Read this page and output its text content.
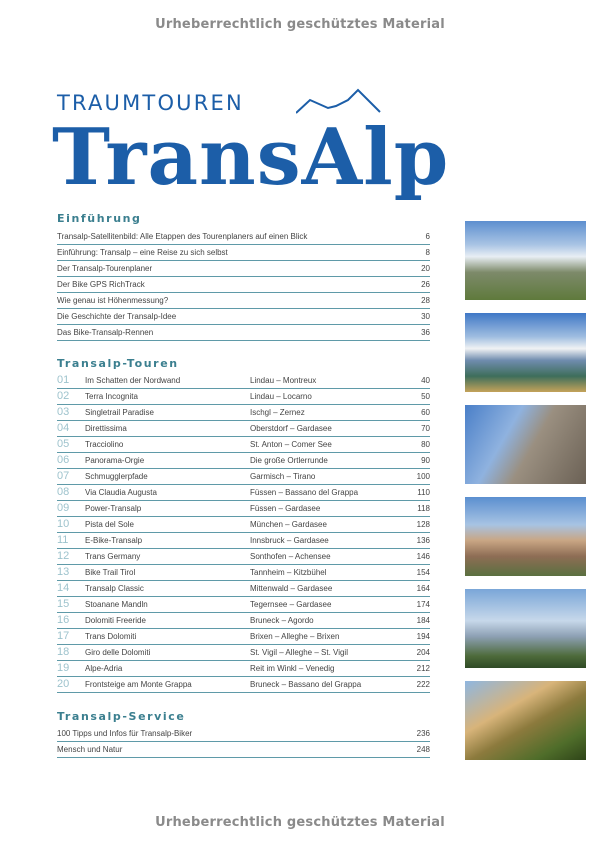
Urheberrechtlich geschütztes Material
TRAUMTOUREN
TransAlp
Einführung
Transalp-Satellitenbild: Alle Etappen des Tourenplaners auf einen Blick	6
Einführung: Transalp – eine Reise zu sich selbst	8
Der Transalp-Tourenplaner	20
Der Bike GPS RichTrack	26
Wie genau ist Höhenmessung?	28
Die Geschichte der Transalp-Idee	30
Das Bike-Transalp-Rennen	36
Transalp-Touren
01 Im Schatten der Nordwand	Lindau – Montreux	40
02 Terra Incognita	Lindau – Locarno	50
03 Singletrail Paradise	Ischgl – Zernez	60
04 Direttissima	Oberstdorf – Gardasee	70
05 Tracciolino	St. Anton – Comer See	80
06 Panorama-Orgie	Die große Ortlerrunde	90
07 Schmugglerpfade	Garmisch – Tirano	100
08 Via Claudia Augusta	Füssen – Bassano del Grappa	110
09 Power-Transalp	Füssen – Gardasee	118
10 Pista del Sole	München – Gardasee	128
11 E-Bike-Transalp	Innsbruck – Gardasee	136
12 Trans Germany	Sonthofen – Achensee	146
13 Bike Trail Tirol	Tannheim – Kitzbühel	154
14 Transalp Classic	Mittenwald – Gardasee	164
15 Stoanane Mandln	Tegernsee – Gardasee	174
16 Dolomiti Freeride	Bruneck – Agordo	184
17 Trans Dolomiti	Brixen – Alleghe – Brixen	194
18 Giro delle Dolomiti	St. Vigil – Alleghe – St. Vigil	204
19 Alpe-Adria	Reit im Winkl – Venedig	212
20 Frontsteige am Monte Grappa	Bruneck – Bassano del Grappa	222
Transalp-Service
100 Tipps und Infos für Transalp-Biker	236
Mensch und Natur	248
Urheberrechtlich geschütztes Material
